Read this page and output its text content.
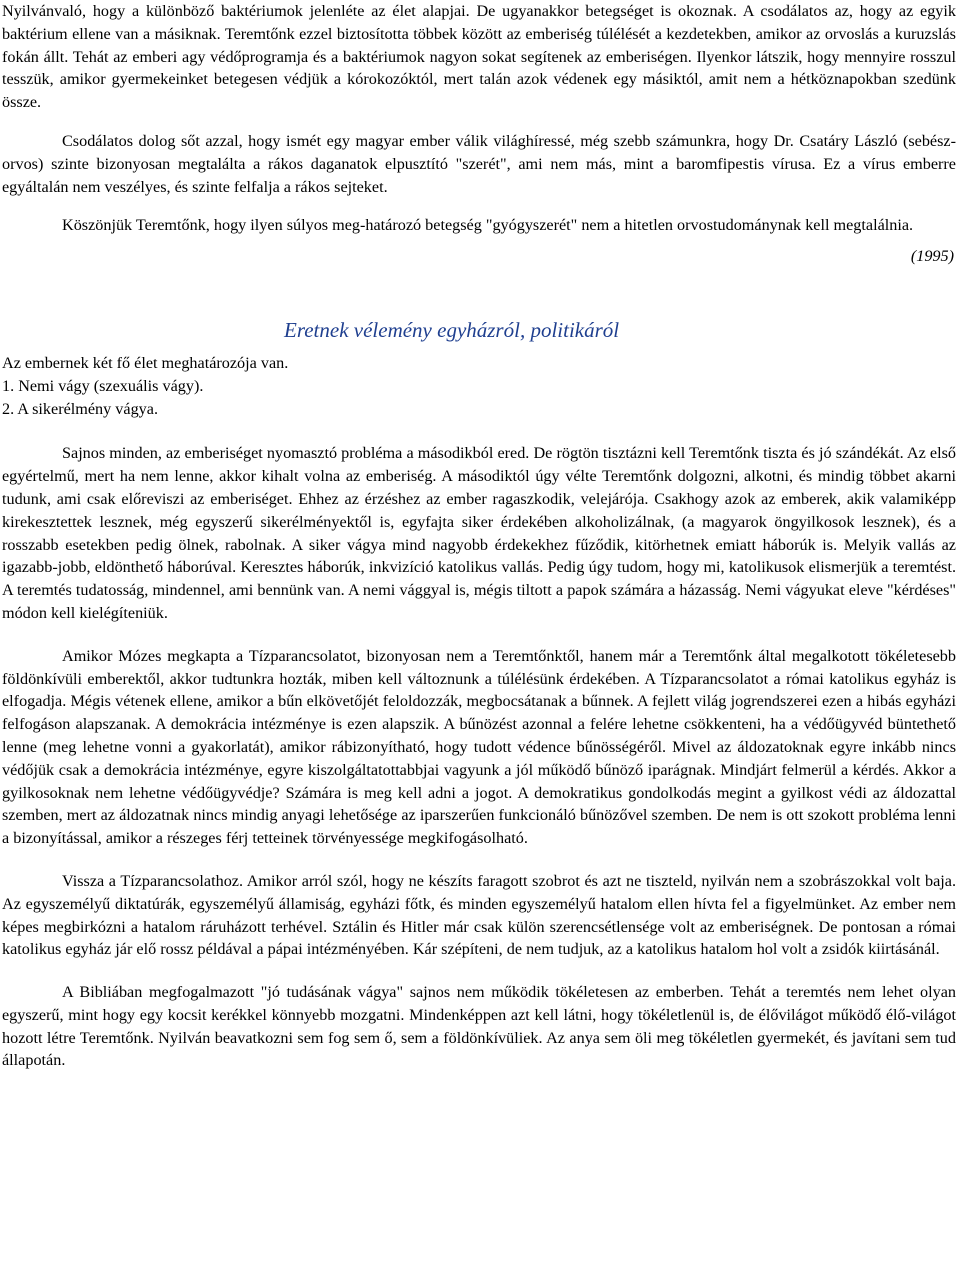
Nyilvánvaló, hogy a különböző baktériumok jelenléte az élet alapjai. De ugyanakkor betegséget is okoznak. A csodálatos az, hogy az egyik baktérium ellene van a másiknak. Teremtőnk ezzel biztosította többek között az emberiség túlélését a kezdetekben, amikor az orvoslás a kuruzslás fokán állt. Tehát az emberi agy védőprogramja és a baktériumok nagyon sokat segítenek az emberiségen. Ilyenkor látszik, hogy mennyire rosszul tesszük, amikor gyermekeinket betegesen védjük a kórokozóktól, mert talán azok védenek egy másiktól, amit nem a hétköznapokban szedünk össze.

Csodálatos dolog sőt azzal, hogy ismét egy magyar ember válik világhíressé, még szebb számunkra, hogy Dr. Csatáry László (sebész-orvos) szinte bizonyosan megtalálta a rákos daganatok elpusztító "szerét", ami nem más, mint a baromfipestis vírusa. Ez a vírus emberre egyáltalán nem veszélyes, és szinte felfalja a rákos sejteket.

Köszönjük Teremtőnk, hogy ilyen súlyos meg-határozó betegség "gyógyszerét" nem a hitetlen orvostudománynak kell megtalálnia.

(1995)

Eretnek vélemény egyházról, politikáról

Az embernek két fő élet meghatározója van.

1. Nemi vágy (szexuális vágy).

2. A sikerélmény vágya.

Sajnos minden, az emberiséget nyomasztó probléma a másodikból ered. De rögtön tisztázni kell Teremtőnk tiszta és jó szándékát. Az első egyértelmű, mert ha nem lenne, akkor kihalt volna az emberiség. A másodiktól úgy vélte Teremtőnk dolgozni, alkotni, és mindig többet akarni tudunk, ami csak előreviszi az emberiséget. Ehhez az érzéshez az ember ragaszkodik, velejárója. Csakhogy azok az emberek, akik valamiképp kirekesztettek lesznek, még egyszerű sikerélményektől is, egyfajta siker érdekében alkoholizálnak, (a magyarok öngyilkosok lesznek), és a rosszabb esetekben pedig ölnek, rabolnak. A siker vágya mind nagyobb érdekekhez fűződik, kitörhetnek emiatt háborúk is. Melyik vallás az igazabb-jobb, eldönthető háborúval. Keresztes háborúk, inkvizíció katolikus vallás. Pedig úgy tudom, hogy mi, katolikusok elismerjük a teremtést. A teremtés tudatosság, mindennel, ami bennünk van. A nemi vággyal is, mégis tiltott a papok számára a házasság. Nemi vágyukat eleve "kérdéses" módon kell kielégíteniük.

Amikor Mózes megkapta a Tízparancsolatot, bizonyosan nem a Teremtőnktől, hanem már a Teremtőnk által megalkotott tökéletesebb földönkívüli emberektől, akkor tudtunkra hozták, miben kell változnunk a túlélésünk érdekében. A Tízparancsolatot a római katolikus egyház is elfogadja. Mégis vétenek ellene, amikor a bűn elkövetőjét feloldozzák, megbocsátanak a bűnnek. A fejlett világ jogrendszerei ezen a hibás egyházi felfogáson alapszanak. A demokrácia intézménye is ezen alapszik. A bűnözést azonnal a felére lehetne csökkenteni, ha a védőügyvéd büntethető lenne (meg lehetne vonni a gyakorlatát), amikor rábizonyítható, hogy tudott védence bűnösségéről. Mivel az áldozatoknak egyre inkább nincs védőjük csak a demokrácia intézménye, egyre kiszolgáltatottabbjai vagyunk a jól működő bűnöző iparágnak. Mindjárt felmerül a kérdés. Akkor a gyilkosoknak nem lehetne védőügyvédje? Számára is meg kell adni a jogot. A demokratikus gondolkodás megint a gyilkost védi az áldozattal szemben, mert az áldozatnak nincs mindig anyagi lehetősége az iparszerűen funkcionáló bűnözővel szemben. De nem is ott szokott probléma lenni a bizonyítással, amikor a részeges férj tetteinek törvényessége megkifogásolható.

Vissza a Tízparancsolathoz. Amikor arról szól, hogy ne készíts faragott szobrot és azt ne tiszteld, nyilván nem a szobrászokkal volt baja. Az egyszemélyű diktatúrák, egyszemélyű államiság, egyházi főtk, és minden egyszemélyű hatalom ellen hívta fel a figyelmünket. Az ember nem képes megbirkózni a hatalom ráruházott terhével. Sztálin és Hitler már csak külön szerencsétlensége volt az emberiségnek. De pontosan a római katolikus egyház jár elő rossz példával a pápai intézményében. Kár szépíteni, de nem tudjuk, az a katolikus hatalom hol volt a zsidók kiirtásánál.

A Bibliában megfogalmazott "jó tudásának vágya" sajnos nem működik tökéletesen az emberben. Tehát a teremtés nem lehet olyan egyszerű, mint hogy egy kocsit kerékkel könnyebb mozgatni. Mindenképpen azt kell látni, hogy tökéletlenül is, de élővilágot működő élő-világot hozott létre Teremtőnk. Nyilván beavatkozni sem fog sem ő, sem a földönkívüliek. Az anya sem öli meg tökéletlen gyermekét, és javítani sem tud állapotán.
